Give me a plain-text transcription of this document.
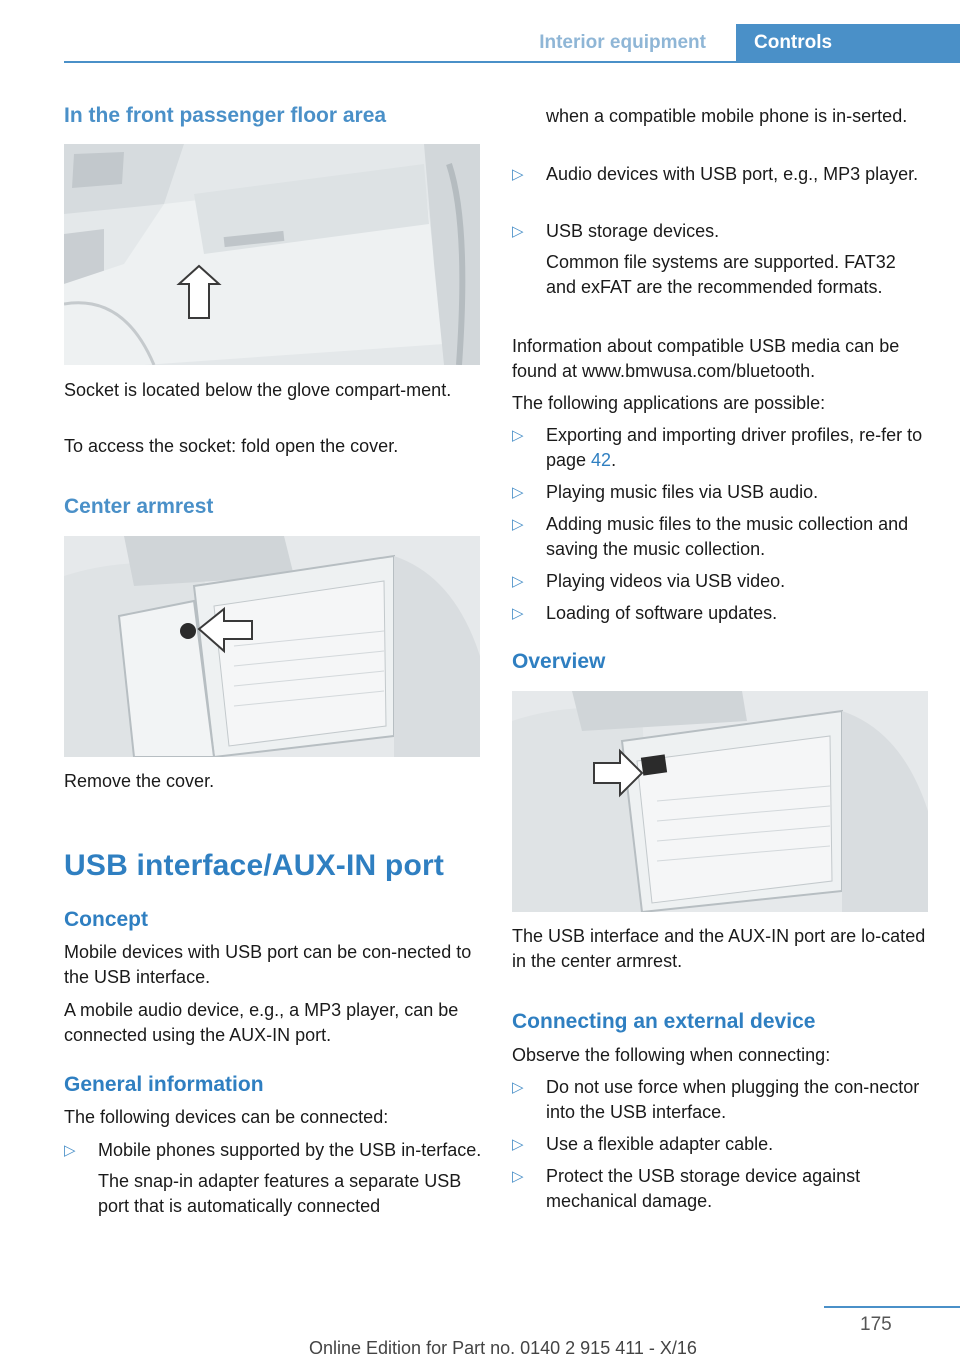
Interior equipment	Controls
In the front passenger floor area

Socket is located below the glove compart-ment.

To access the socket: fold open the cover.

Center armrest

Remove the cover.

USB interface/AUX-IN port
Concept

Mobile devices with USB port can be con-nected to the USB interface.

A mobile audio device, e.g., a MP3 player, can be connected using the AUX-IN port.

General information

The following devices can be connected:

▷ Mobile phones supported by the USB in-terface.
The snap-in adapter features a separate USB port that is automatically connected
when a compatible mobile phone is in-serted.
▷ Audio devices with USB port, e.g., MP3 player.
▷ USB storage devices.
Common file systems are supported. FAT32 and exFAT are the recommended formats.

Information about compatible USB media can be found at www.bmwusa.com/bluetooth.

The following applications are possible:

▷ Exporting and importing driver profiles, re-fer to page 42.
▷ Playing music files via USB audio.
▷ Adding music files to the music collection and saving the music collection.
▷ Playing videos via USB video.
▷ Loading of software updates.
Overview

The USB interface and the AUX-IN port are lo-cated in the center armrest.

Connecting an external device

Observe the following when connecting:

▷ Do not use force when plugging the con-nector into the USB interface.
▷ Use a flexible adapter cable.
▷ Protect the USB storage device against mechanical damage.
175
Online Edition for Part no. 0140 2 915 411 - X/16
